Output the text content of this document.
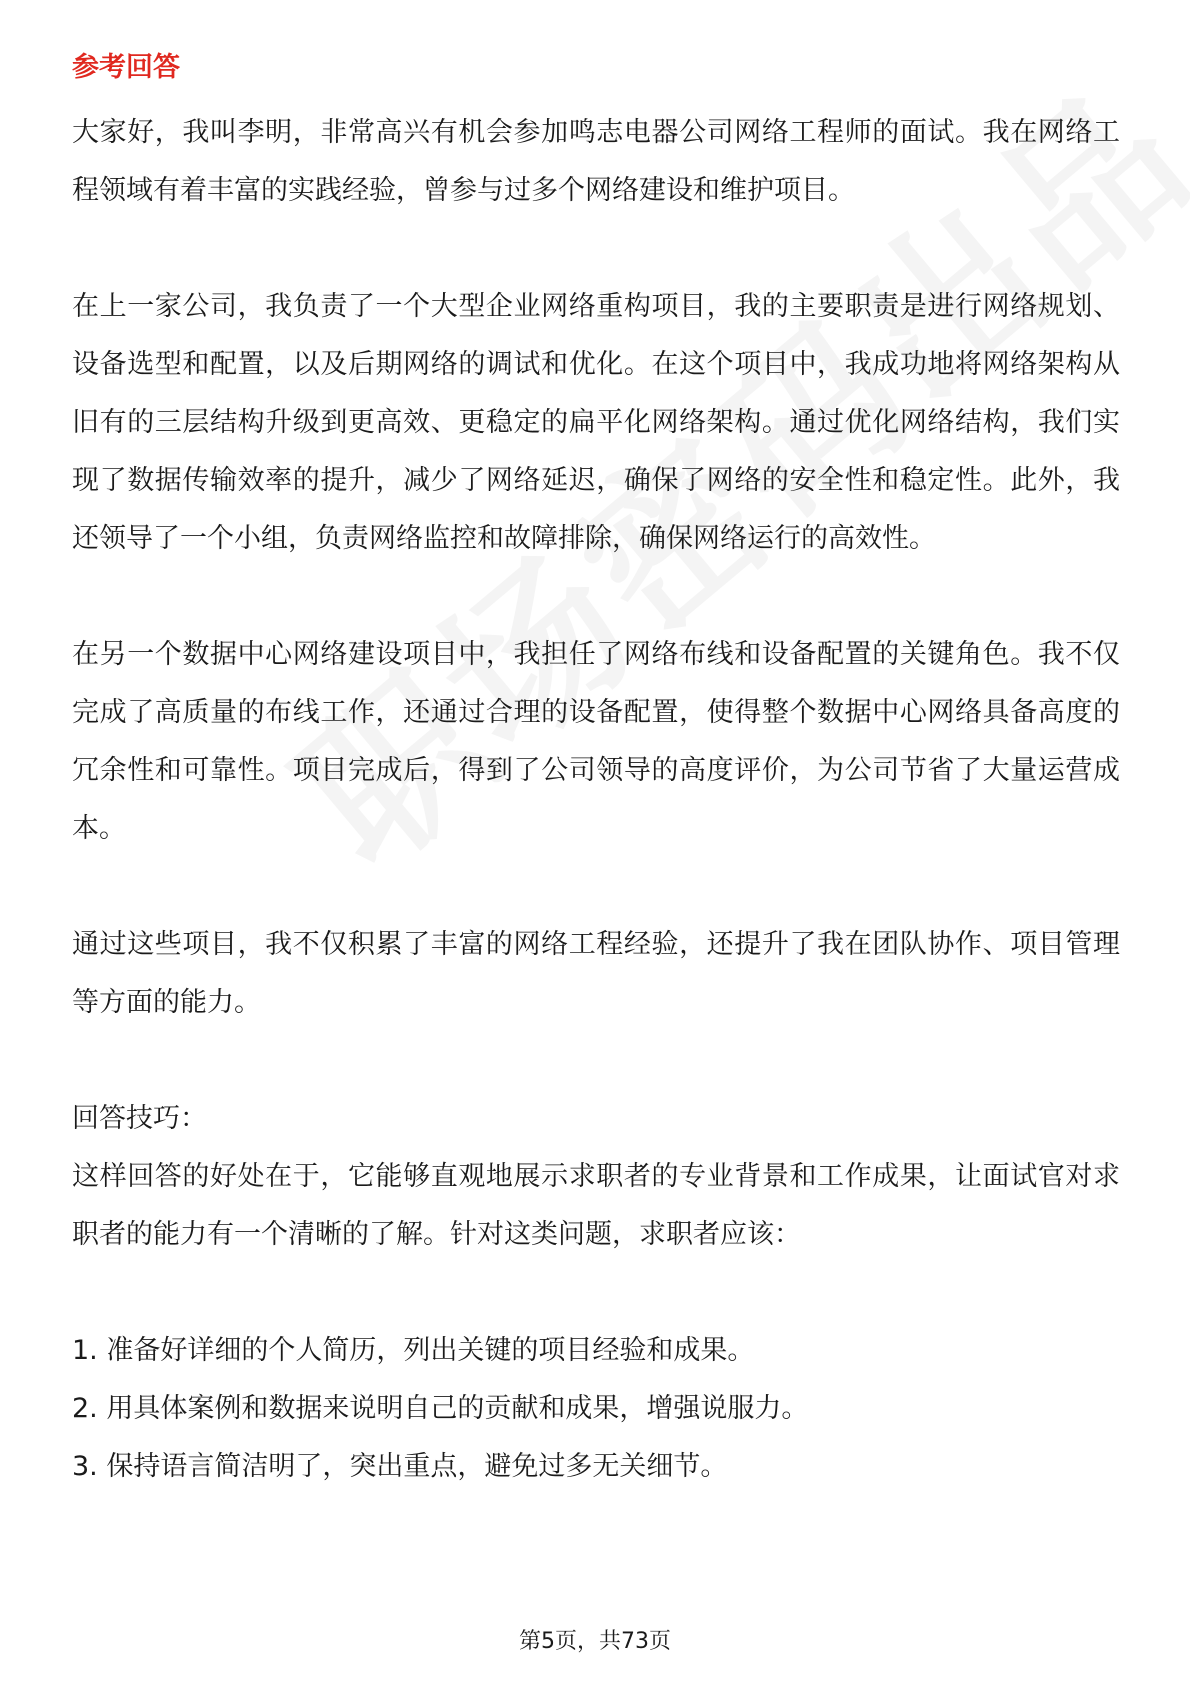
参考回答

大家好，我叫李明，非常高兴有机会参加鸣志电器公司网络工程师的面试。我在网络工程领域有着丰富的实践经验，曾参与过多个网络建设和维护项目。

在上一家公司，我负责了一个大型企业网络重构项目，我的主要职责是进行网络规划、设备选型和配置，以及后期网络的调试和优化。在这个项目中，我成功地将网络架构从旧有的三层结构升级到更高效、更稳定的扁平化网络架构。通过优化网络结构，我们实现了数据传输效率的提升，减少了网络延迟，确保了网络的安全性和稳定性。此外，我还领导了一个小组，负责网络监控和故障排除，确保网络运行的高效性。

在另一个数据中心网络建设项目中，我担任了网络布线和设备配置的关键角色。我不仅完成了高质量的布线工作，还通过合理的设备配置，使得整个数据中心网络具备高度的冗余性和可靠性。项目完成后，得到了公司领导的高度评价，为公司节省了大量运营成本。

通过这些项目，我不仅积累了丰富的网络工程经验，还提升了我在团队协作、项目管理等方面的能力。

回答技巧：

这样回答的好处在于，它能够直观地展示求职者的专业背景和工作成果，让面试官对求职者的能力有一个清晰的了解。针对这类问题，求职者应该：

1. 准备好详细的个人简历，列出关键的项目经验和成果。
2. 用具体案例和数据来说明自己的贡献和成果，增强说服力。
3. 保持语言简洁明了，突出重点，避免过多无关细节。
第5页，共73页
